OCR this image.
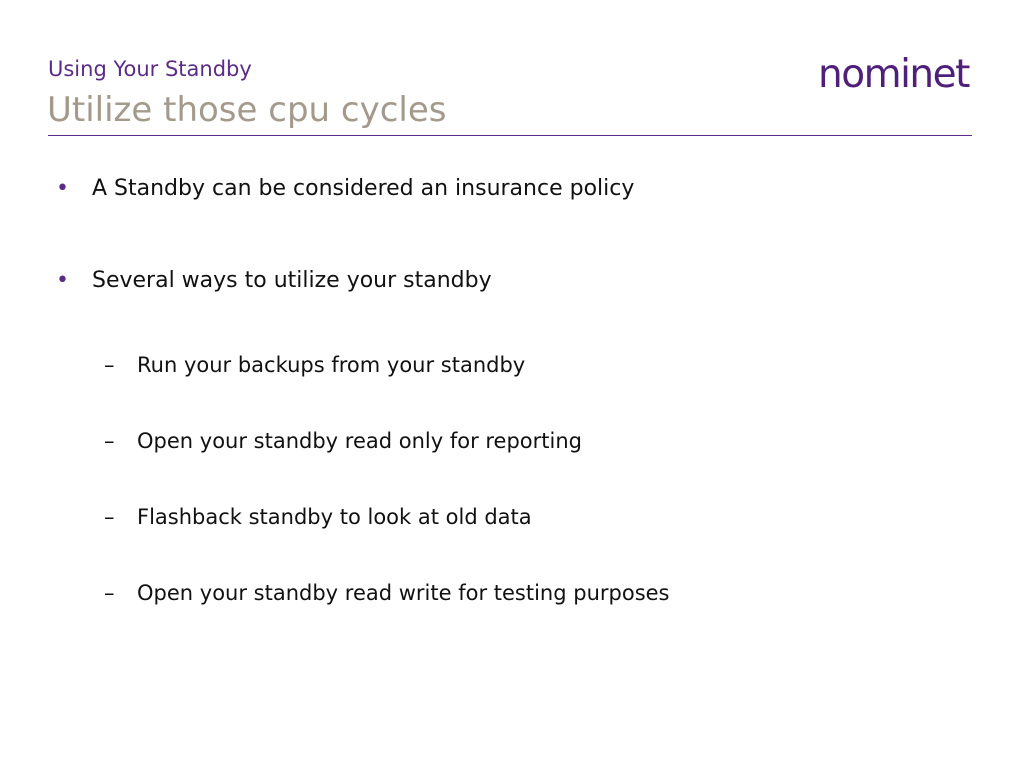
Using Your Standby
Utilize those cpu cycles
nominet
• A Standby can be considered an insurance policy
• Several ways to utilize your standby
– Run your backups from your standby
– Open your standby read only for reporting
– Flashback standby to look at old data
– Open your standby read write for testing purposes
